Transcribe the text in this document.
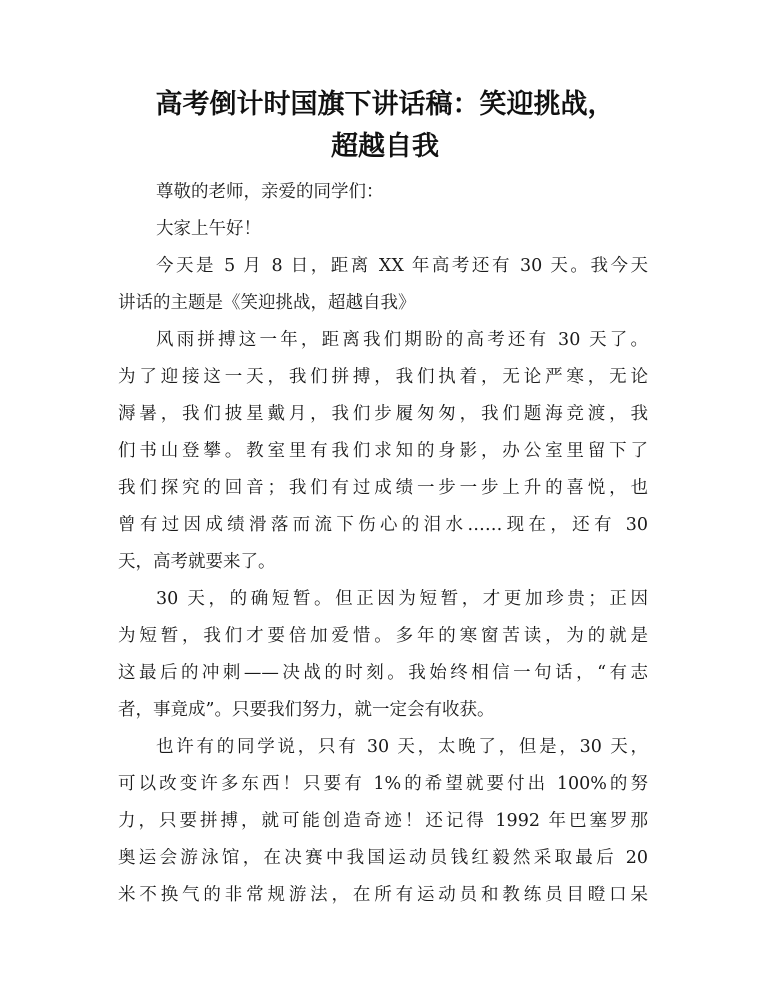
高考倒计时国旗下讲话稿：笑迎挑战，
超越自我
尊敬的老师，亲爱的同学们：
大家上午好！
今天是 5 月 8 日，距离 XX 年高考还有 30 天。我今天
讲话的主题是《笑迎挑战，超越自我》
风雨拼搏这一年，距离我们期盼的高考还有 30 天了。
为了迎接这一天，我们拼搏，我们执着，无论严寒，无论
溽暑，我们披星戴月，我们步履匆匆，我们题海竞渡，我
们书山登攀。教室里有我们求知的身影，办公室里留下了
我们探究的回音；我们有过成绩一步一步上升的喜悦，也
曾有过因成绩滑落而流下伤心的泪水……现在，还有 30
天，高考就要来了。
30 天，的确短暂。但正因为短暂，才更加珍贵；正因
为短暂，我们才要倍加爱惜。多年的寒窗苦读，为的就是
这最后的冲刺——决战的时刻。我始终相信一句话，“有志
者，事竟成”。只要我们努力，就一定会有收获。
也许有的同学说，只有 30 天，太晚了，但是，30 天，
可以改变许多东西！只要有 1%的希望就要付出 100%的努
力，只要拼搏，就可能创造奇迹！还记得 1992 年巴塞罗那
奥运会游泳馆，在决赛中我国运动员钱红毅然采取最后 20
米不换气的非常规游法，在所有运动员和教练员目瞪口呆
